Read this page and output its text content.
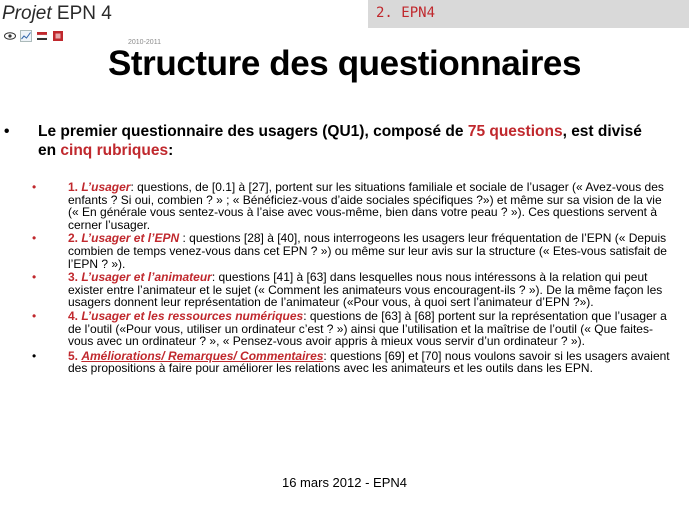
Projet EPN 4
2010-2011
2. EPN4
Structure des questionnaires
• Le premier questionnaire des usagers (QU1), composé de 75 questions, est divisé en cinq rubriques:
•	1. L’usager: questions, de [0.1] à [27], portent sur les situations familiale et sociale de l’usager (« Avez-vous des enfants ? Si oui, combien ? » ; « Bénéficiez-vous d’aide sociales spécifiques ?») et même sur sa vision de la vie (« En générale vous sentez-vous à l’aise avec vous-même, bien dans votre peau ? »). Ces questions servent à cerner l’usager.
•	2. L’usager et l’EPN : questions [28] à [40], nous interrogeons les usagers leur fréquentation de l’EPN (« Depuis combien de temps venez-vous dans cet EPN ? ») ou même sur leur avis sur la structure (« Etes-vous satisfait de l’EPN ? »).
•	3. L’usager et l’animateur: questions [41] à [63] dans lesquelles nous nous intéressons à la relation qui peut exister entre l’animateur et le sujet (« Comment les animateurs vous encouragent-ils ? »). De la même façon les usagers donnent leur représentation de l’animateur («Pour vous, à quoi sert l’animateur d’EPN ?»).
•	4. L’usager et les ressources numériques: questions de [63] à [68] portent sur la représentation que l’usager a de l’outil («Pour vous, utiliser un ordinateur c’est ? ») ainsi que l’utilisation et la maîtrise de l’outil (« Que faites-vous avec un ordinateur ? », « Pensez-vous avoir appris à mieux vous servir d’un ordinateur ? »).
•	5. Améliorations/ Remarques/ Commentaires: questions [69] et [70] nous voulons savoir si les usagers avaient des propositions à faire pour améliorer les relations avec les animateurs et les outils dans les EPN.
16 mars 2012 - EPN4
